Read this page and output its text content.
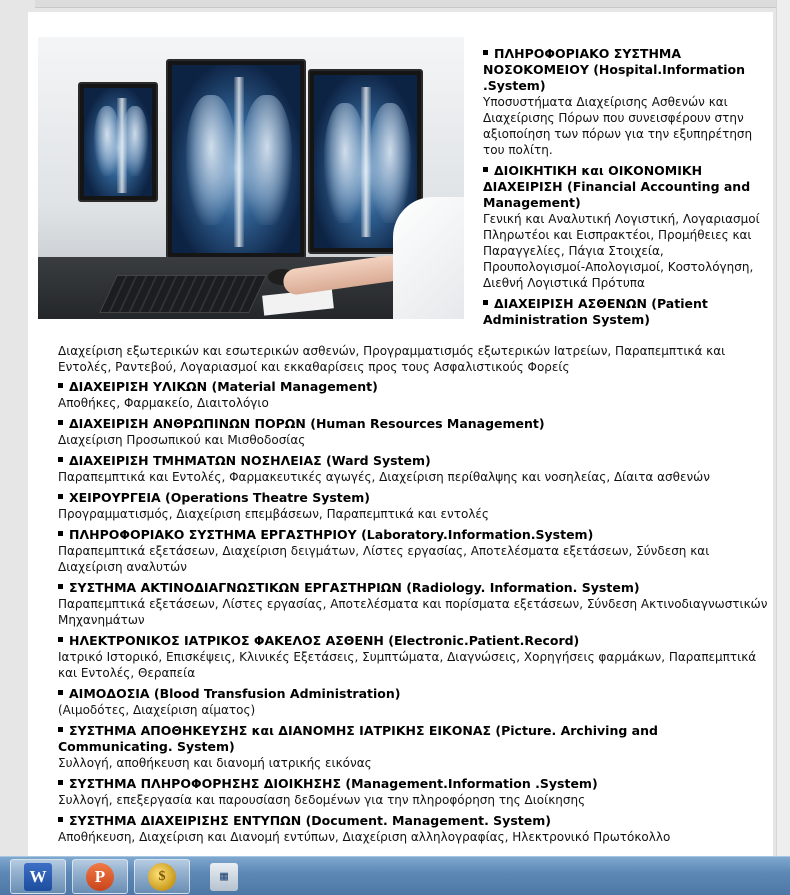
ΠΛΗΡΟΦΟΡΙΑΚΟ ΣΥΣΤΗΜΑ ΝΟΣΟΚΟΜΕΙΟΥ (Hospital.Information .System)

Υποσυστήματα Διαχείρισης Ασθενών και Διαχείρισης Πόρων που συνεισφέρουν στην αξιοποίηση των πόρων για την εξυπηρέτηση του πολίτη.

ΔΙΟΙΚΗΤΙΚΗ και ΟΙΚΟΝΟΜΙΚΗ ΔΙΑΧΕΙΡΙΣΗ (Financial Accounting and Management)

Γενική και Αναλυτική Λογιστική, Λογαριασμοί Πληρωτέοι και Εισπρακτέοι, Προμήθειες και Παραγγελίες, Πάγια Στοιχεία, Προυπολογισμοί-Απολογισμοί, Κοστολόγηση, Διεθνή Λογιστικά Πρότυπα

ΔΙΑΧΕΙΡΙΣΗ ΑΣΘΕΝΩΝ (Patient Administration System)

Διαχείριση εξωτερικών και εσωτερικών ασθενών, Προγραμματισμός εξωτερικών Ιατρείων, Παραπεμπτικά και Εντολές, Ραντεβού, Λογαριασμοί και εκκαθαρίσεις προς τους Ασφαλιστικούς Φορείς

ΔΙΑΧΕΙΡΙΣΗ ΥΛΙΚΩΝ (Material Management)

Αποθήκες, Φαρμακείο, Διαιτολόγιο

ΔΙΑΧΕΙΡΙΣΗ ΑΝΘΡΩΠΙΝΩΝ ΠΟΡΩΝ (Human Resources Management)

Διαχείριση Προσωπικού και Μισθοδοσίας

ΔΙΑΧΕΙΡΙΣΗ ΤΜΗΜΑΤΩΝ ΝΟΣΗΛΕΙΑΣ (Ward System)

Παραπεμπτικά και Εντολές, Φαρμακευτικές αγωγές, Διαχείριση περίθαλψης και νοσηλείας, Δίαιτα ασθενών

ΧΕΙΡΟΥΡΓΕΙΑ (Operations Theatre System)

Προγραμματισμός, Διαχείριση επεμβάσεων, Παραπεμπτικά και εντολές

ΠΛΗΡΟΦΟΡΙΑΚΟ ΣΥΣΤΗΜΑ ΕΡΓΑΣΤΗΡΙΟΥ (Laboratory.Information.System)

Παραπεμπτικά εξετάσεων, Διαχείριση δειγμάτων, Λίστες εργασίας, Αποτελέσματα εξετάσεων, Σύνδεση και Διαχείριση αναλυτών

ΣΥΣΤΗΜΑ ΑΚΤΙΝΟΔΙΑΓΝΩΣΤΙΚΩΝ ΕΡΓΑΣΤΗΡΙΩΝ (Radiology. Information. System)

Παραπεμπτικά εξετάσεων, Λίστες εργασίας, Αποτελέσματα και πορίσματα εξετάσεων, Σύνδεση Ακτινοδιαγνωστικών Μηχανημάτων

ΗΛΕΚΤΡΟΝΙΚΟΣ ΙΑΤΡΙΚΟΣ ΦΑΚΕΛΟΣ ΑΣΘΕΝΗ (Electronic.Patient.Record)

Ιατρικό Ιστορικό, Επισκέψεις, Κλινικές Εξετάσεις, Συμπτώματα, Διαγνώσεις, Χορηγήσεις φαρμάκων, Παραπεμπτικά και Εντολές, Θεραπεία

ΑΙΜΟΔΟΣΙΑ (Blood Transfusion Administration)

(Αιμοδότες, Διαχείριση αίματος)

ΣΥΣΤΗΜΑ ΑΠΟΘΗΚΕΥΣΗΣ και ΔΙΑΝΟΜΗΣ ΙΑΤΡΙΚΗΣ ΕΙΚΟΝΑΣ (Picture. Archiving and Communicating. System)

Συλλογή, αποθήκευση και διανομή ιατρικής εικόνας

ΣΥΣΤΗΜΑ ΠΛΗΡΟΦΟΡΗΣΗΣ ΔΙΟΙΚΗΣΗΣ (Management.Information .System)

Συλλογή, επεξεργασία και παρουσίαση δεδομένων για την πληροφόρηση της Διοίκησης

ΣΥΣΤΗΜΑ ΔΙΑΧΕΙΡΙΣΗΣ ΕΝΤΥΠΩΝ (Document. Management. System)

Αποθήκευση, Διαχείριση και Διανομή εντύπων, Διαχείριση αλληλογραφίας, Ηλεκτρονικό Πρωτόκολλο

W	P	$	▦
